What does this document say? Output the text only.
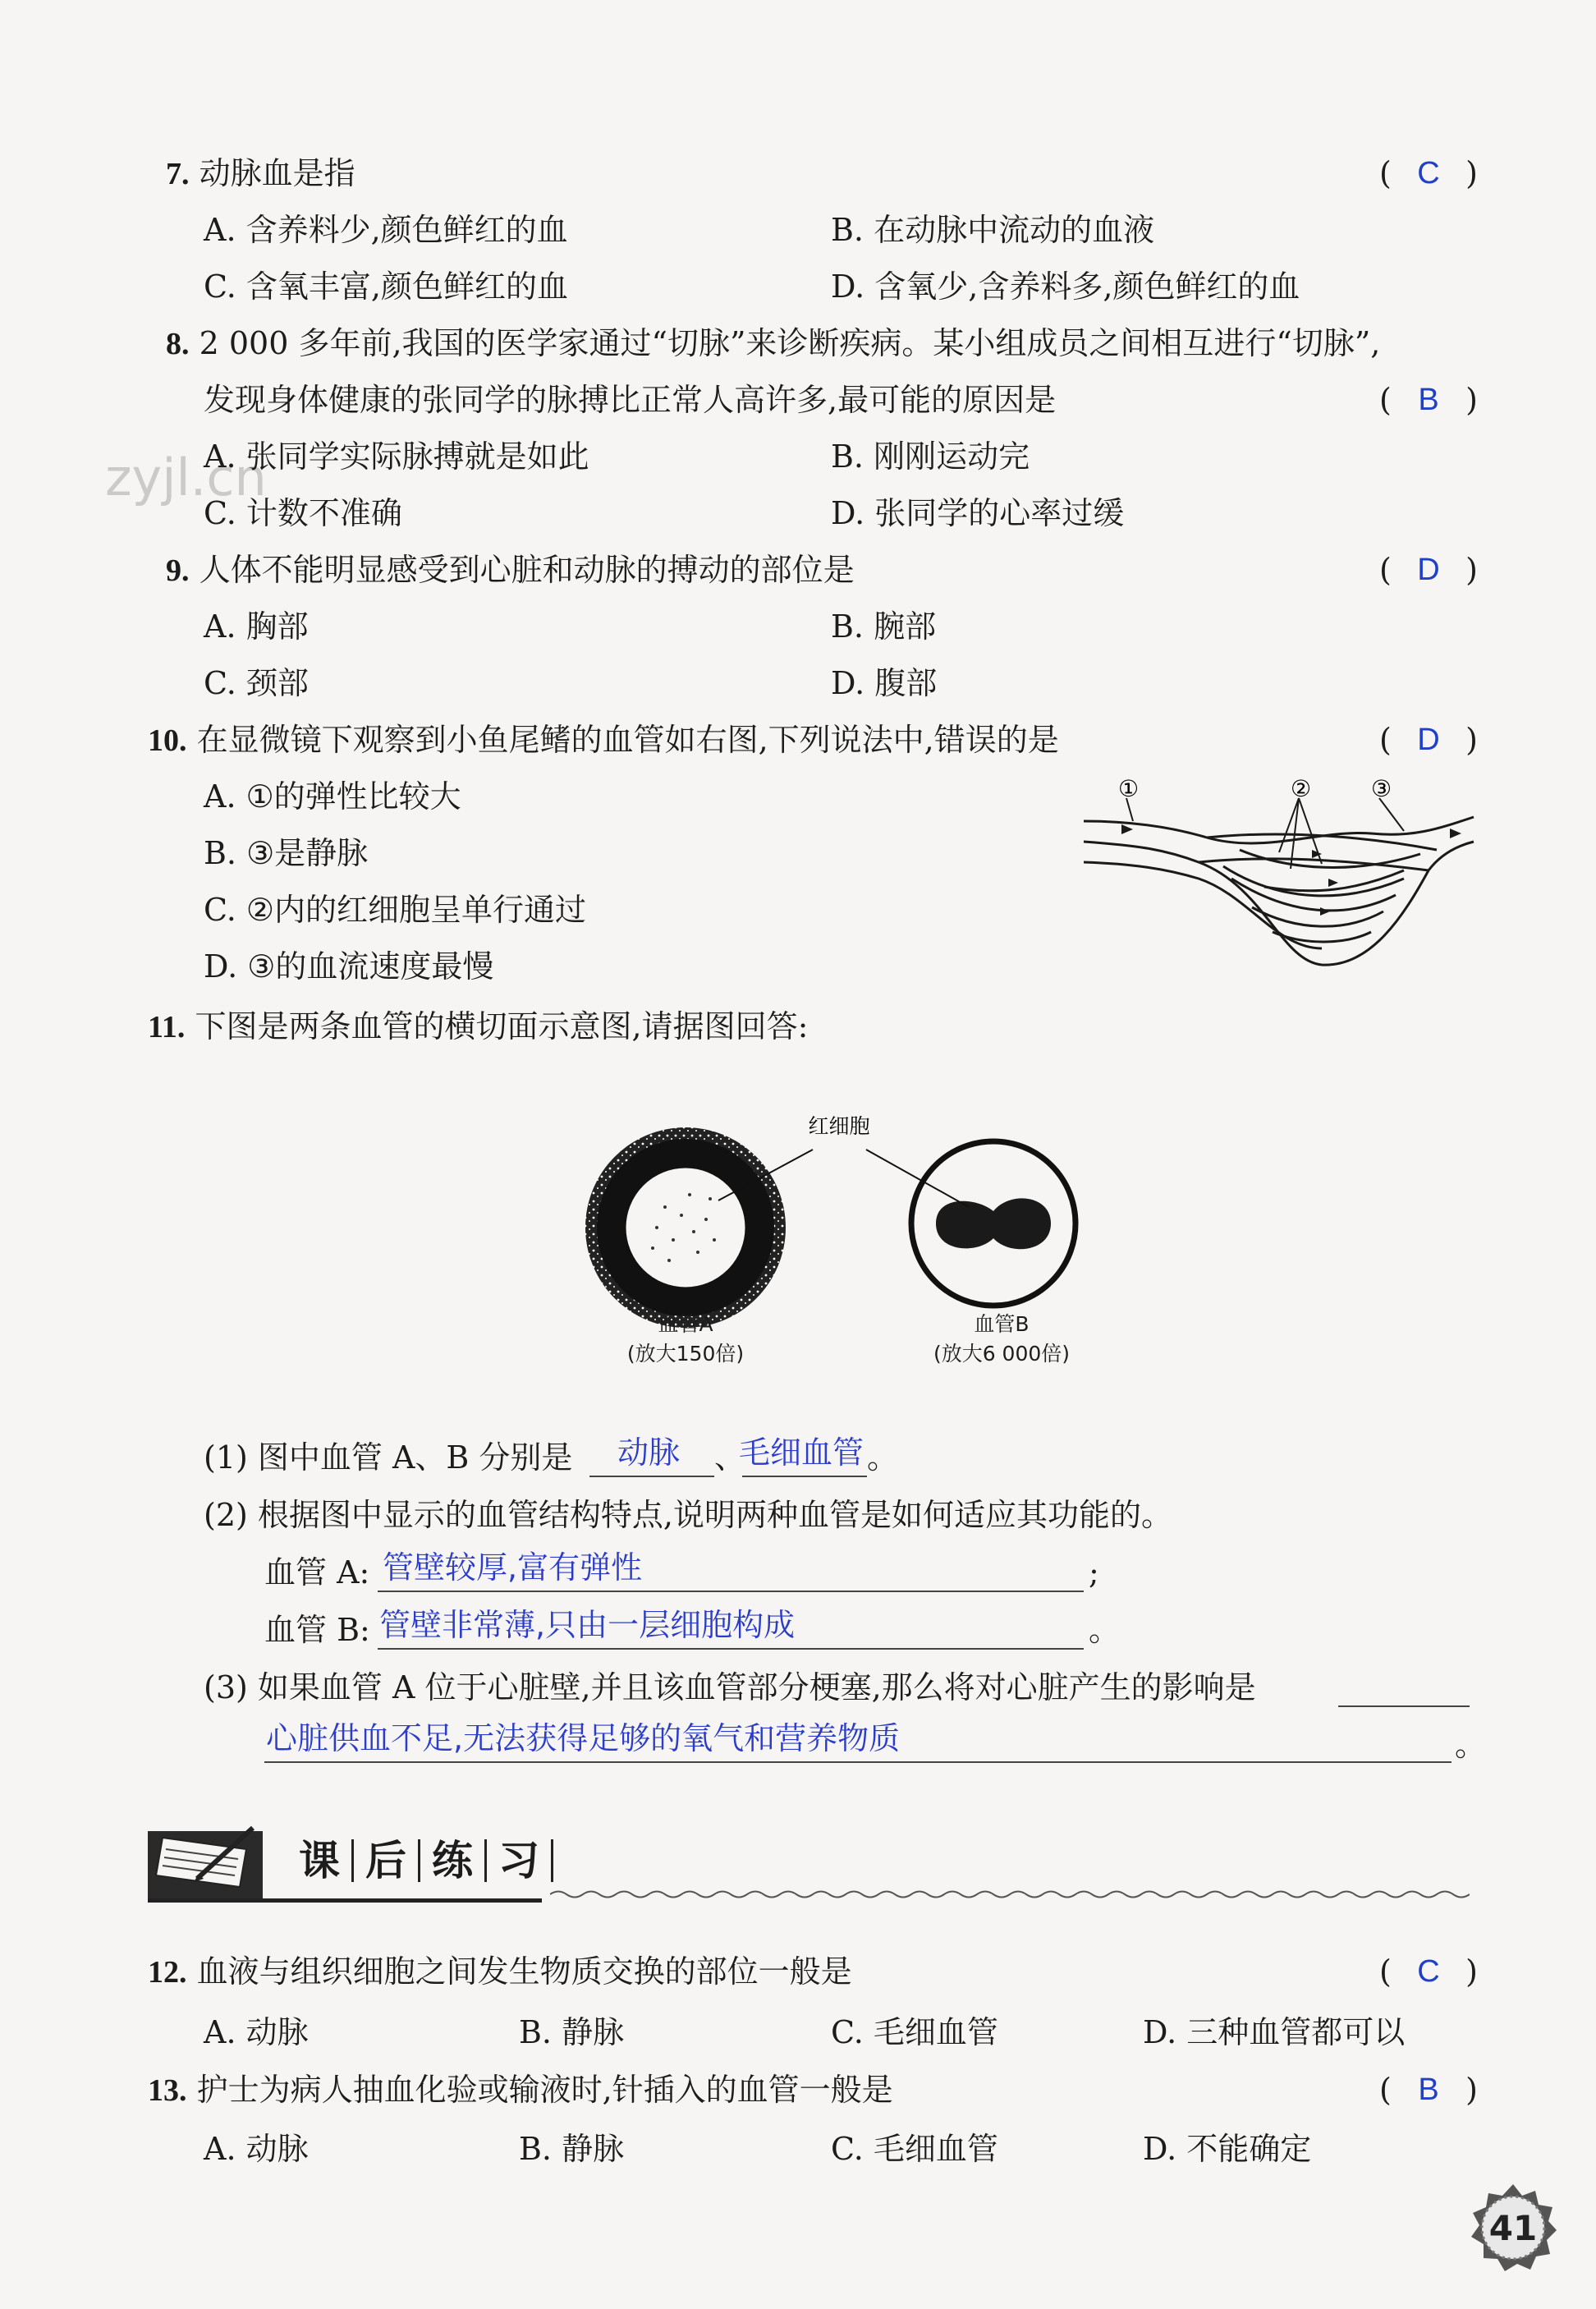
zyjl.cn
7. 动脉血是指	( C )
A. 含养料少,颜色鲜红的血	B. 在动脉中流动的血液
C. 含氧丰富,颜色鲜红的血	D. 含氧少,含养料多,颜色鲜红的血
8. 2 000 多年前,我国的医学家通过“切脉”来诊断疾病。某小组成员之间相互进行“切脉”,
发现身体健康的张同学的脉搏比正常人高许多,最可能的原因是	( B )
A. 张同学实际脉搏就是如此	B. 刚刚运动完
C. 计数不准确	D. 张同学的心率过缓
9. 人体不能明显感受到心脏和动脉的搏动的部位是	( D )
A. 胸部	B. 腕部
C. 颈部	D. 腹部
10. 在显微镜下观察到小鱼尾鳍的血管如右图,下列说法中,错误的是	( D )
A. ①的弹性比较大
B. ③是静脉
C. ②内的红细胞呈单行通过
D. ③的血流速度最慢
①	②	③
11. 下图是两条血管的横切面示意图,请据图回答:
红细胞
血管A
(放大150倍)
血管B
(放大6 000倍)
(1) 图中血管 A、B 分别是 动脉 、
毛细血管 。
(2) 根据图中显示的血管结构特点,说明两种血管是如何适应其功能的。
血管 A: 管壁较厚,富有弹性	;
血管 B: 管壁非常薄,只由一层细胞构成	。
(3) 如果血管 A 位于心脏壁,并且该血管部分梗塞,那么将对心脏产生的影响是
心脏供血不足,无法获得足够的氧气和营养物质	。
课 后 练 习
12. 血液与组织细胞之间发生物质交换的部位一般是	( C )
A. 动脉	B. 静脉	C. 毛细血管	D. 三种血管都可以
13. 护士为病人抽血化验或输液时,针插入的血管一般是	( B )
A. 动脉	B. 静脉	C. 毛细血管	D. 不能确定
41
